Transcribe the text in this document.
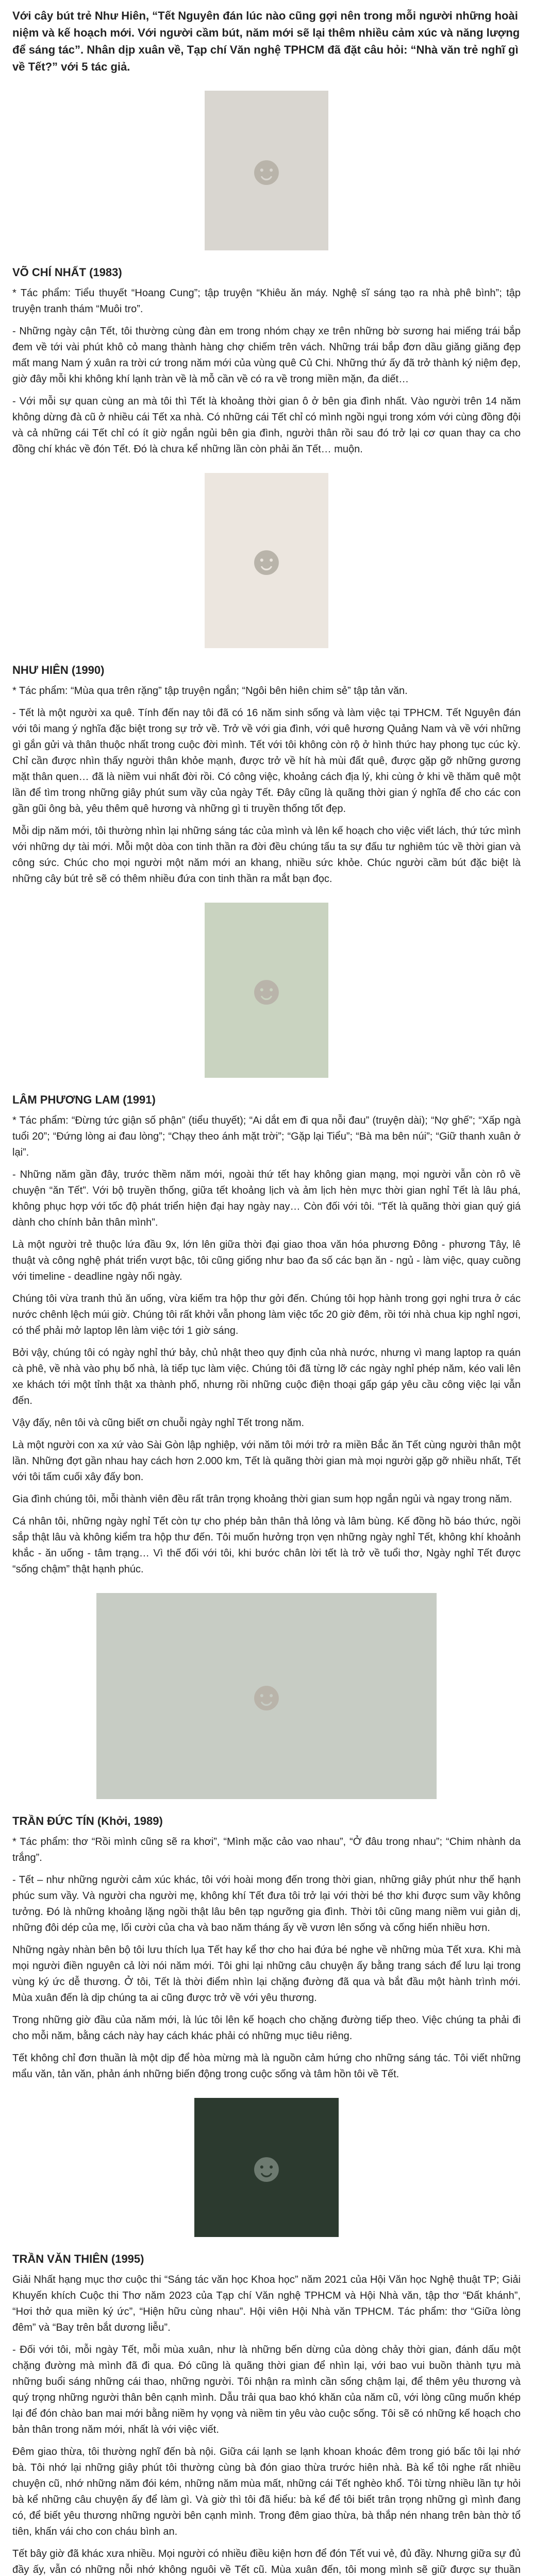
Với cây bút trẻ Như Hiên, “Tết Nguyên đán lúc nào cũng gợi nên trong mỗi người những hoài niệm và kế hoạch mới. Với người cầm bút, năm mới sẽ lại thêm nhiều cảm xúc và năng lượng để sáng tác”. Nhân dịp xuân về, Tạp chí Văn nghệ TPHCM đã đặt câu hỏi: “Nhà văn trẻ nghĩ gì về Tết?” với 5 tác giả.

☻
VÕ CHÍ NHẤT (1983)

* Tác phẩm: Tiểu thuyết “Hoang Cung”; tập truyện “Khiêu ăn máy. Nghệ sĩ sáng tạo ra nhà phê bình”; tập truyện tranh thám “Muôi tro”.

- Những ngày cận Tết, tôi thường cùng đàn em trong nhóm chạy xe trên những bờ sương hai miếng trái bắp đem về tới vài phút khô cỏ mang thành hàng chợ chiếm trên vách. Những trái bắp đơn dầu giăng giăng đẹp mất mang Nam ý xuân ra trời cứ trong năm mới của vùng quê Củ Chi. Những thứ ấy đã trở thành ký niệm đẹp, giờ đây mỗi khi không khí lạnh tràn về là mỗ cần về có ra về trong miền mặn, đa diết…

- Với mỗi sự quan cùng an mà tôi thì Tết là khoảng thời gian ô ở bên gia đình nhất. Vào người trên 14 năm không dừng đà cũ ở nhiều cái Tết xa nhà. Có những cái Tết chỉ có mình ngồi ngụi trong xóm với cùng đồng đội và cả những cái Tết chỉ có ít giờ ngắn ngủi bên gia đình, người thân rồi sau đó trở lại cơ quan thay ca cho đồng chí khác về đón Tết. Đó là chưa kể những lần còn phải ăn Tết… muộn.

☻
NHƯ HIÊN (1990)

* Tác phẩm: “Mùa qua trên rặng” tập truyện ngắn; “Ngôi bên hiên chim sẻ” tập tản văn.

- Tết là một người xa quê. Tính đến nay tôi đã có 16 năm sinh sống và làm việc tại TPHCM. Tết Nguyên đán với tôi mang ý nghĩa đặc biệt trong sự trở về. Trở về với gia đình, với quê hương Quảng Nam và về với những gì gắn gửi và thân thuộc nhất trong cuộc đời mình. Tết với tôi không còn rộ ở hình thức hay phong tục cúc kỳ. Chỉ cần được nhìn thấy người thân khỏe mạnh, được trở về hít hà mùi đất quê, được gặp gỡ những gương mặt thân quen… đã là niềm vui nhất đời rồi. Có công việc, khoảng cách địa lý, khi cùng ở khi về thăm quê một lần để tìm trong những giây phút sum vầy của ngày Tết. Đây cũng là quãng thời gian ý nghĩa để cho các con gần gũi ông bà, yêu thêm quê hương và những gì ti truyền thống tốt đẹp.

Mỗi dịp năm mới, tôi thường nhìn lại những sáng tác của mình và lên kế hoạch cho việc viết lách, thứ tức mình với những dự tài mới. Mỗi một dòa con tinh thần ra đời đều chúng tấu ta sự đấu tư nghiêm túc về thời gian và công sức. Chúc cho mọi người một năm mới an khang, nhiều sức khỏe. Chúc người cầm bút đặc biệt là những cây bút trẻ sẽ có thêm nhiều đứa con tinh thần ra mắt bạn đọc.

☻
LÂM PHƯƠNG LAM (1991)

* Tác phẩm: “Đừng tức giận số phận” (tiểu thuyết); “Ai dắt em đi qua nỗi đau” (truyện dài); “Nợ ghế”; “Xấp ngà tuổi 20”; “Đứng lòng ai đau lòng”; “Chạy theo ánh mặt trời”; “Gặp lại Tiểu”; “Bà ma bên núi”; “Giữ thanh xuân ở lại”.

- Những năm gần đây, trước thềm năm mới, ngoài thứ tết hay không gian mạng, mọi người vẫn còn rô về chuyện “ăn Tết”. Với bộ truyền thống, giữa tết khoảng lịch và ảm lịch hèn mực thời gian nghỉ Tết là lâu phá, không phục hợp với tốc độ phát triển hiện đại hay ngày nay… Còn đối với tôi. “Tết là quãng thời gian quý giá dành cho chính bản thân mình”.

Là một người trẻ thuộc lứa đầu 9x, lớn lên giữa thời đại giao thoa văn hóa phương Đông - phương Tây, lê thuật và công nghệ phát triển vượt bậc, tôi cũng giống như bao đa số các bạn ăn - ngủ - làm việc, quay cuồng với timeline - deadline ngày nối ngày.

Chúng tôi vừa tranh thủ ăn uống, vừa kiếm tra hộp thư gởi đến. Chúng tôi họp hành trong gợi nghi trưa ở các nước chênh lệch múi giờ. Chúng tôi rất khởi vẫn phong làm việc tốc 20 giờ đêm, rồi tới nhà chua kịp nghỉ ngơi, có thể phải mở laptop lên làm việc tới 1 giờ sáng.

Bởi vậy, chúng tôi có ngày nghỉ thứ bảy, chủ nhật theo quy định của nhà nước, nhưng vì mang laptop ra quán cà phê, về nhà vào phụ bố nhà, là tiếp tục làm việc. Chúng tôi đã từng lỡ các ngày nghỉ phép năm, kéo vali lên xe khách tới một tỉnh thật xa thành phố, nhưng rồi những cuộc điện thoại gấp gáp yêu cầu công việc lại vẫn đến.

Vậy đấy, nên tôi và cũng biết ơn chuỗi ngày nghỉ Tết trong năm.

Là một người con xa xứ vào Sài Gòn lập nghiệp, với năm tôi mới trở ra miền Bắc ăn Tết cùng người thân một lần. Những đợt gần nhau hay cách hơn 2.000 km, Tết là quãng thời gian mà mọi người gặp gỡ nhiều nhất, Tết với tôi tấm cuối xây đấy bon.

Gia đình chúng tôi, mỗi thành viên đều rất trân trọng khoảng thời gian sum họp ngắn ngủi và ngay trong năm.

Cá nhân tôi, những ngày nghỉ Tết còn tự cho phép bản thân thả lỏng và lâm bùng. Kế đồng hồ báo thức, ngồi sắp thật lâu và không kiểm tra hộp thư đến. Tôi muốn hưởng trọn vẹn những ngày nghỉ Tết, không khí khoảnh khắc - ăn uống - tâm trạng… Vì thế đối với tôi, khi bước chân lời tết là trở về tuổi thơ, Ngày nghỉ Tết được “sống chậm” thật hạnh phúc.

☻
TRẦN ĐỨC TÍN (Khởi, 1989)

* Tác phẩm: thơ “Rồi mình cũng sẽ ra khơi”, “Mình mặc cảo vao nhau”, “Ở đâu trong nhau”; “Chim nhành da trắng”.

- Tết – như những người cảm xúc khác, tôi với hoài mong đến trong thời gian, những giây phút như thế hạnh phúc sum vầy. Và người cha người mẹ, không khí Tết đưa tôi trở lại với thời bé thơ khi được sum vầy không tưởng. Đó là những khoảng lặng ngồi thật lâu bên tạp ngưỡng gia đình. Thời tôi cũng mang niềm vui giản dị, những đôi dép của mẹ, lối cười của cha và bao năm tháng ấy về vươn lên sống và cống hiến nhiều hơn.

Những ngày nhàn bên bộ tôi lưu thích lụa Tết hay kể thơ cho hai đứa bé nghe về những mùa Tết xưa. Khi mà mọi người điền nguyên cả lời nói năm mới. Tôi ghi lại những câu chuyện ấy bằng trang sách để lưu lại trong vùng ký ức dễ thương. Ở tôi, Tết là thời điểm nhìn lại chặng đường đã qua và bắt đầu một hành trình mới. Mùa xuân đến là dịp chúng ta ai cũng được trở về với yêu thương.

Trong những giờ đầu của năm mới, là lúc tôi lên kế hoạch cho chặng đường tiếp theo. Việc chúng ta phải đi cho mỗi năm, bằng cách này hay cách khác phải có những mục tiêu riêng.

Tết không chỉ đơn thuần là một dịp để hòa mừng mà là nguồn cảm hứng cho những sáng tác. Tôi viết những mẩu văn, tản văn, phản ánh những biến động trong cuộc sống và tâm hồn tôi về Tết.

☻
TRẦN VĂN THIÊN (1995)

Giải Nhất hạng mục thơ cuộc thi “Sáng tác văn học Khoa học” năm 2021 của Hội Văn học Nghệ thuật TP; Giải Khuyến khích Cuộc thi Thơ năm 2023 của Tạp chí Văn nghệ TPHCM và Hội Nhà văn, tập thơ “Đất khánh”, “Hơi thở qua miền ký ức”, “Hiện hữu cùng nhau”. Hội viên Hội Nhà văn TPHCM. Tác phẩm: thơ “Giữa lòng đêm” và “Bay trên bắt dương liễu”.

- Đối với tôi, mỗi ngày Tết, mỗi mùa xuân, như là những bến dừng của dòng chảy thời gian, đánh dấu một chặng đường mà mình đã đi qua. Đó cũng là quãng thời gian để nhìn lại, với bao vui buồn thành tựu mà những buổi sáng những cái thao, những người. Tôi nhận ra mình cần sống chậm lại, để thêm yêu thương và quý trọng những người thân bên cạnh mình. Dẫu trải qua bao khó khăn của năm cũ, với lòng cũng muốn khép lại để đón chào ban mai mới bằng niềm hy vọng và niềm tin yêu vào cuộc sống. Tôi sẽ có những kế hoạch cho bản thân trong năm mới, nhất là với việc viết.

Đêm giao thừa, tôi thường nghĩ đến bà nội. Giữa cái lạnh se lạnh khoan khoác đêm trong gió bấc tôi lại nhớ bà. Tôi nhớ lại những giây phút tôi thường cùng bà đón giao thừa trước hiên nhà. Bà kể tôi nghe rất nhiều chuyện cũ, nhớ những năm đói kém, những năm mùa mất, những cái Tết nghèo khổ. Tôi từng nhiều lần tự hỏi bà kể những câu chuyện ấy để làm gì. Và giờ thì tôi đã hiểu: bà kể để tôi biết trân trọng những gì mình đang có, để biết yêu thương những người bên cạnh mình. Trong đêm giao thừa, bà thắp nén nhang trên bàn thờ tổ tiên, khấn vái cho con cháu bình an.

Tết bây giờ đã khác xưa nhiều. Mọi người có nhiều điều kiện hơn để đón Tết vui vẻ, đủ đầy. Nhưng giữa sự đủ đầy ấy, vẫn có những nỗi nhớ không nguôi về Tết cũ. Mùa xuân đến, tôi mong mình sẽ giữ được sự thuần
